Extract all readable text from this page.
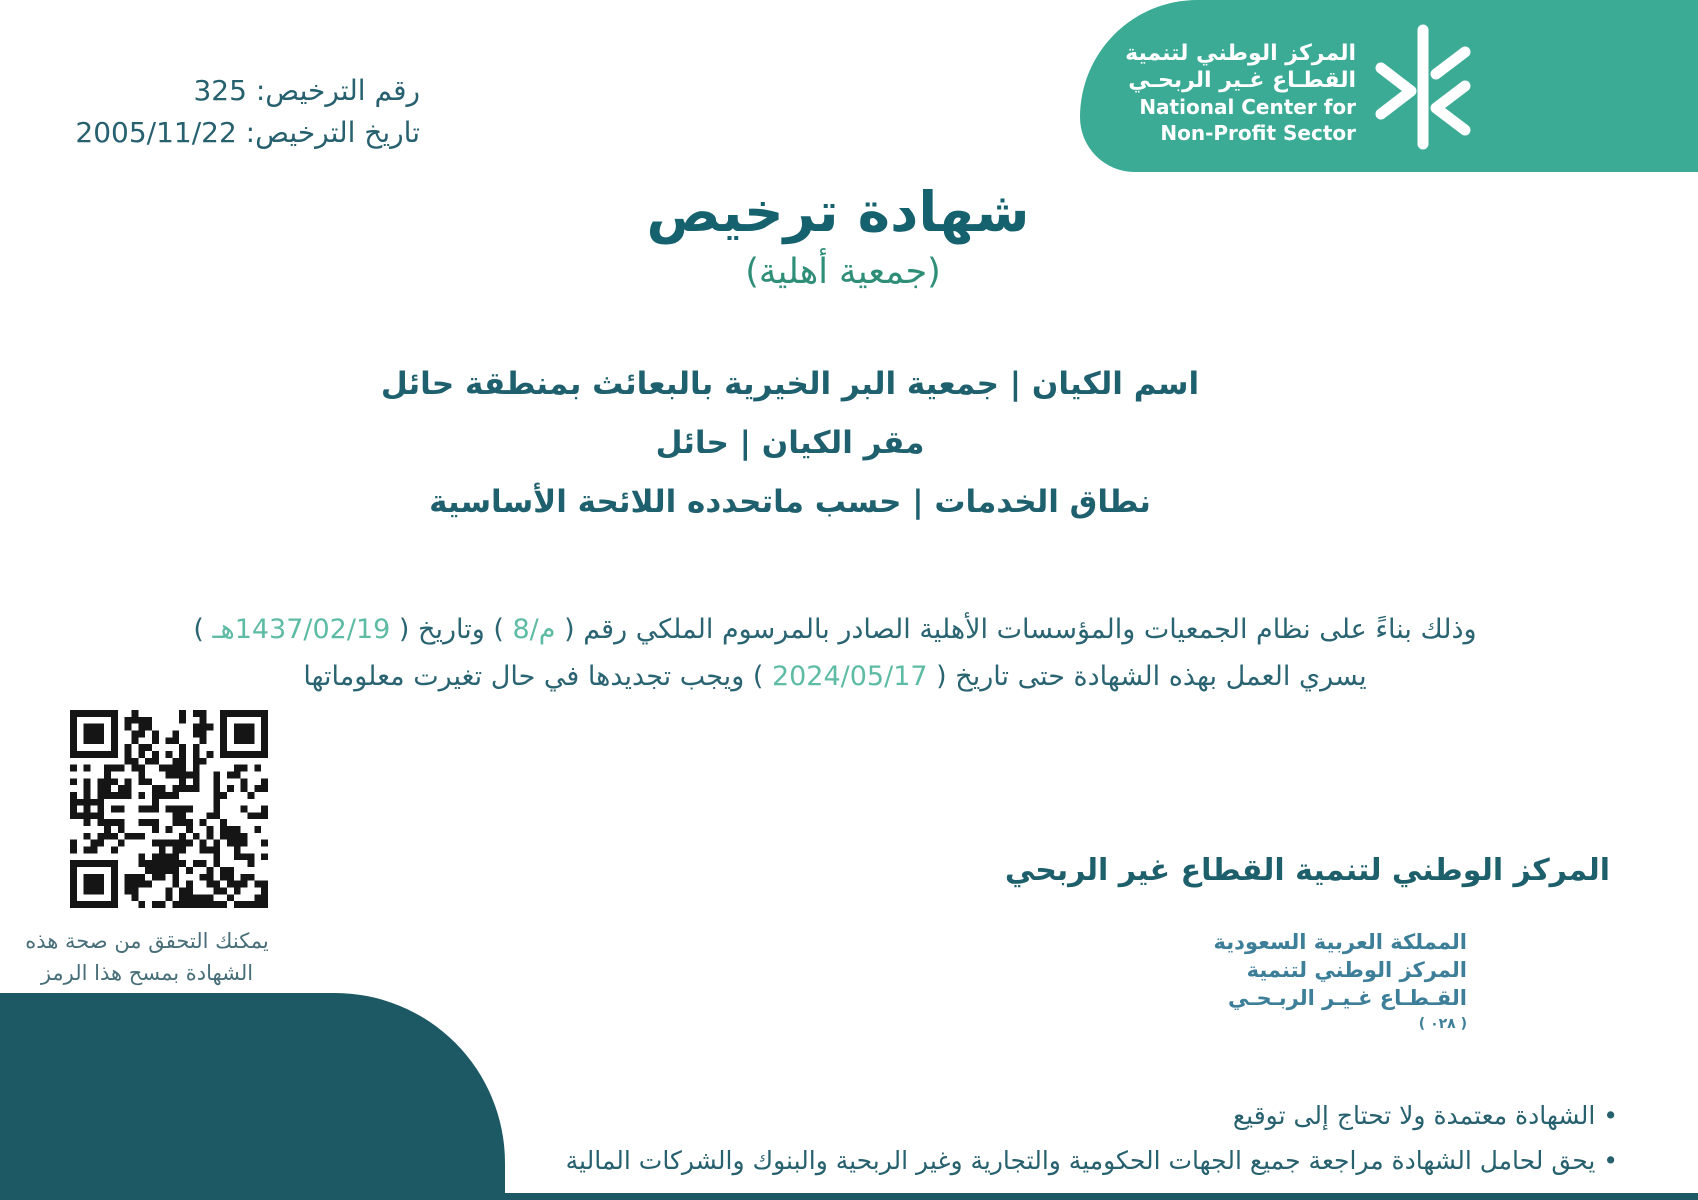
المركز الوطني لتنمية
القطـاع غـير الربحـي
National Center for
Non-Profit Sector
رقم الترخيص: 325
تاريخ الترخيص: 2005/11/22
شهادة ترخيص
(جمعية أهلية)
اسم الكيان | جمعية البر الخيرية بالبعائث بمنطقة حائل
مقر الكيان | حائل
نطاق الخدمات | حسب ماتحدده اللائحة الأساسية
وذلك بناءً على نظام الجمعيات والمؤسسات الأهلية الصادر بالمرسوم الملكي رقم ( م/8 ) وتاريخ ( 1437/02/19هـ )
يسري العمل بهذه الشهادة حتى تاريخ ( 2024/05/17 ) ويجب تجديدها في حال تغيرت معلوماتها
يمكنك التحقق من صحة هذه
الشهادة بمسح هذا الرمز
المركز الوطني لتنمية القطاع غير الربحي
المملكة العربية السعودية
المركز الوطني لتنمية
القـطـاع غـيـر الربـحـي
( ٠٢٨ )
• الشهادة معتمدة ولا تحتاج إلى توقيع
• يحق لحامل الشهادة مراجعة جميع الجهات الحكومية والتجارية وغير الربحية والبنوك والشركات المالية
